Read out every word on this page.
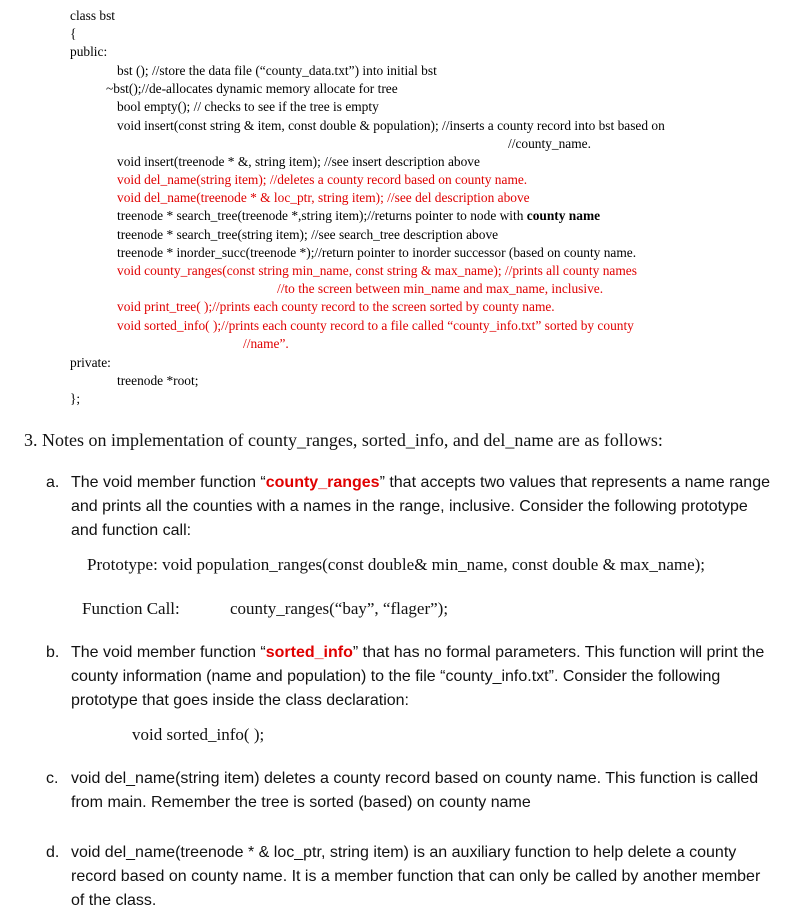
class bst
{
public:
bst (); //store the data file (“county_data.txt”) into initial bst
~bst();//de-allocates dynamic memory allocate for tree
bool empty(); // checks to see if the tree is empty
void insert(const string & item, const double & population); //inserts a county record into bst based on
//county_name.
void insert(treenode * &, string item); //see insert description above
void del_name(string item); //deletes a county record based on county name.
void del_name(treenode * & loc_ptr, string item); //see del description above
treenode * search_tree(treenode *,string item);//returns pointer to node with county name
treenode * search_tree(string item); //see search_tree description above
treenode * inorder_succ(treenode *);//return pointer to inorder successor (based on county name.
void county_ranges(const string min_name, const string & max_name); //prints all county names
//to the screen between min_name and max_name, inclusive.
void print_tree( );//prints each county record to the screen sorted by county name.
void sorted_info( );//prints each county record to a file called “county_info.txt” sorted by county
//name”.
private:
treenode *root;
};
3. Notes on implementation of county_ranges, sorted_info, and del_name are as follows:
a. The void member function “county_ranges” that accepts two values that represents a name range and prints all the counties with a names in the range, inclusive. Consider the following prototype and function call:
Prototype: void population_ranges(const double& min_name, const double & max_name);
Function Call:	county_ranges(“bay”, “flager”);
b. The void member function “sorted_info” that has no formal parameters. This function will print the county information (name and population) to the file “county_info.txt”. Consider the following prototype that goes inside the class declaration:
void sorted_info( );
c. void del_name(string item) deletes a county record based on county name. This function is called from main. Remember the tree is sorted (based) on county name
d. void del_name(treenode * & loc_ptr, string item) is an auxiliary function to help delete a county record based on county name. It is a member function that can only be called by another member of the class.
